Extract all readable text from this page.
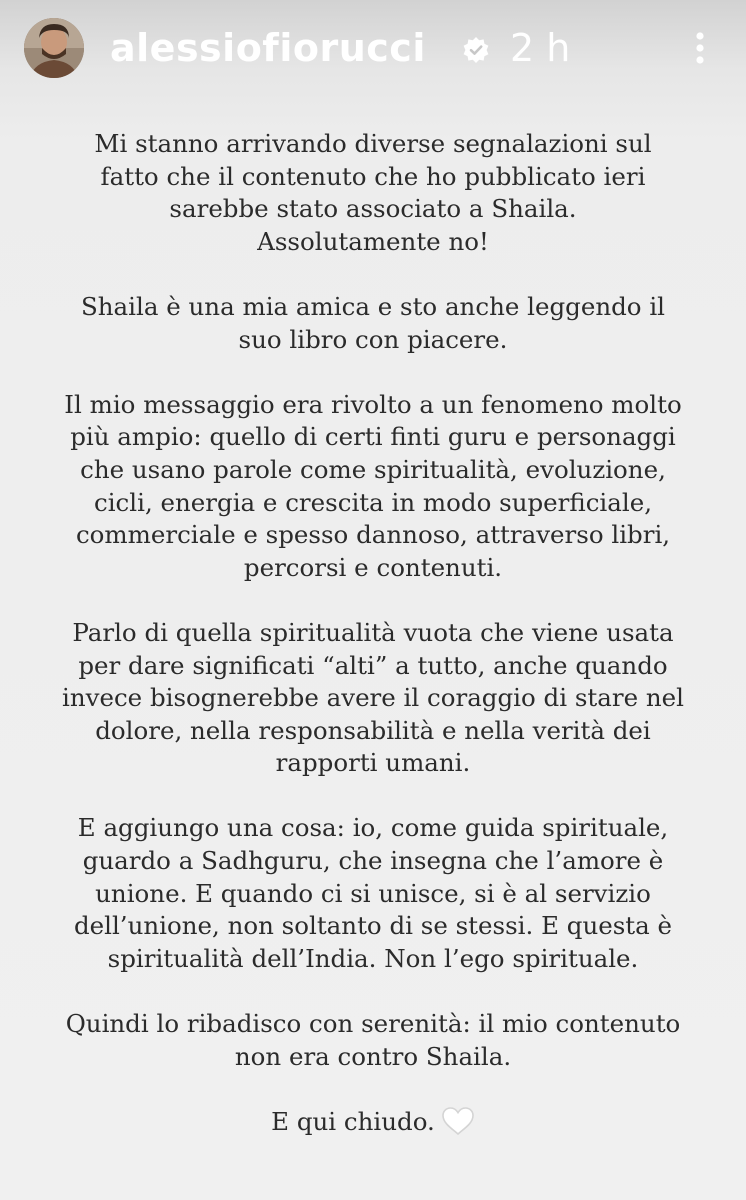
alessiofiorucci 2 h

Mi stanno arrivando diverse segnalazioni sul
fatto che il contenuto che ho pubblicato ieri
sarebbe stato associato a Shaila.
Assolutamente no!

Shaila è una mia amica e sto anche leggendo il
suo libro con piacere.

Il mio messaggio era rivolto a un fenomeno molto
più ampio: quello di certi finti guru e personaggi
che usano parole come spiritualità, evoluzione,
cicli, energia e crescita in modo superficiale,
commerciale e spesso dannoso, attraverso libri,
percorsi e contenuti.

Parlo di quella spiritualità vuota che viene usata
per dare significati “alti” a tutto, anche quando
invece bisognerebbe avere il coraggio di stare nel
dolore, nella responsabilità e nella verità dei
rapporti umani.

E aggiungo una cosa: io, come guida spirituale,
guardo a Sadhguru, che insegna che l’amore è
unione. E quando ci si unisce, si è al servizio
dell’unione, non soltanto di se stessi. E questa è
spiritualità dell’India. Non l’ego spirituale.

Quindi lo ribadisco con serenità: il mio contenuto
non era contro Shaila.

E qui chiudo.
